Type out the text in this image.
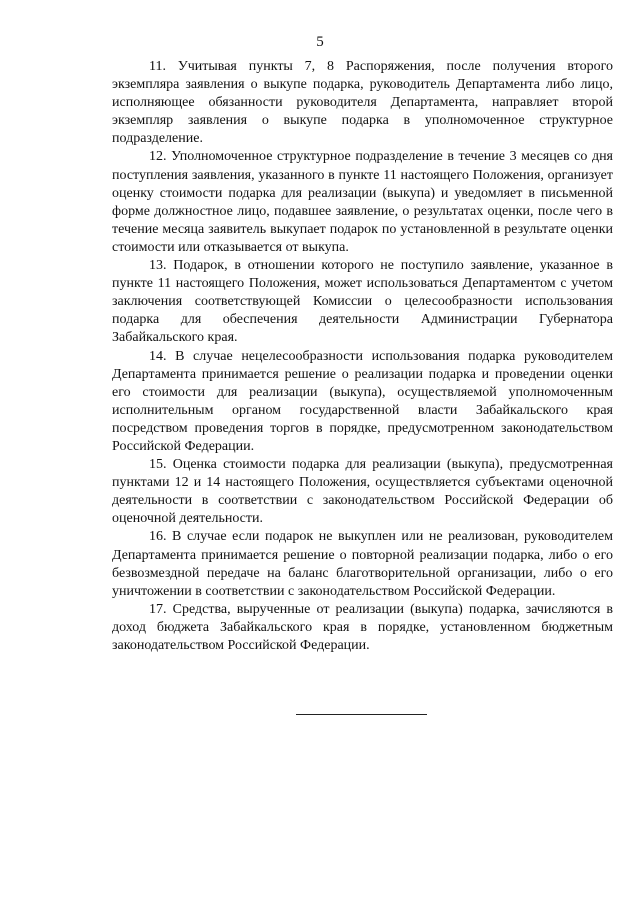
5

11. Учитывая пункты 7, 8 Распоряжения, после получения второго экземпляра заявления о выкупе подарка, руководитель Департамента либо лицо, исполняющее обязанности руководителя Департамента, направляет второй экземпляр заявления о выкупе подарка в уполномоченное структурное подразделение.

12. Уполномоченное структурное подразделение в течение 3 месяцев со дня поступления заявления, указанного в пункте 11 настоящего Положения, организует оценку стоимости подарка для реализации (выкупа) и уведомляет в письменной форме должностное лицо, подавшее заявление, о результатах оценки, после чего в течение месяца заявитель выкупает подарок по установленной в результате оценки стоимости или отказывается от выкупа.

13. Подарок, в отношении которого не поступило заявление, указанное в пункте 11 настоящего Положения, может использоваться Департаментом с учетом заключения соответствующей Комиссии о целесообразности использования подарка для обеспечения деятельности Администрации Губернатора Забайкальского края.

14. В случае нецелесообразности использования подарка руководителем Департамента принимается решение о реализации подарка и проведении оценки его стоимости для реализации (выкупа), осуществляемой уполномоченным исполнительным органом государственной власти Забайкальского края посредством проведения торгов в порядке, предусмотренном законодательством Российской Федерации.

15. Оценка стоимости подарка для реализации (выкупа), предусмотренная пунктами 12 и 14 настоящего Положения, осуществляется субъектами оценочной деятельности в соответствии с законодательством Российской Федерации об оценочной деятельности.

16. В случае если подарок не выкуплен или не реализован, руководителем Департамента принимается решение о повторной реализации подарка, либо о его безвозмездной передаче на баланс благотворительной организации, либо о его уничтожении в соответствии с законодательством Российской Федерации.

17. Средства, вырученные от реализации (выкупа) подарка, зачисляются в доход бюджета Забайкальского края в порядке, установленном бюджетным законодательством Российской Федерации.
